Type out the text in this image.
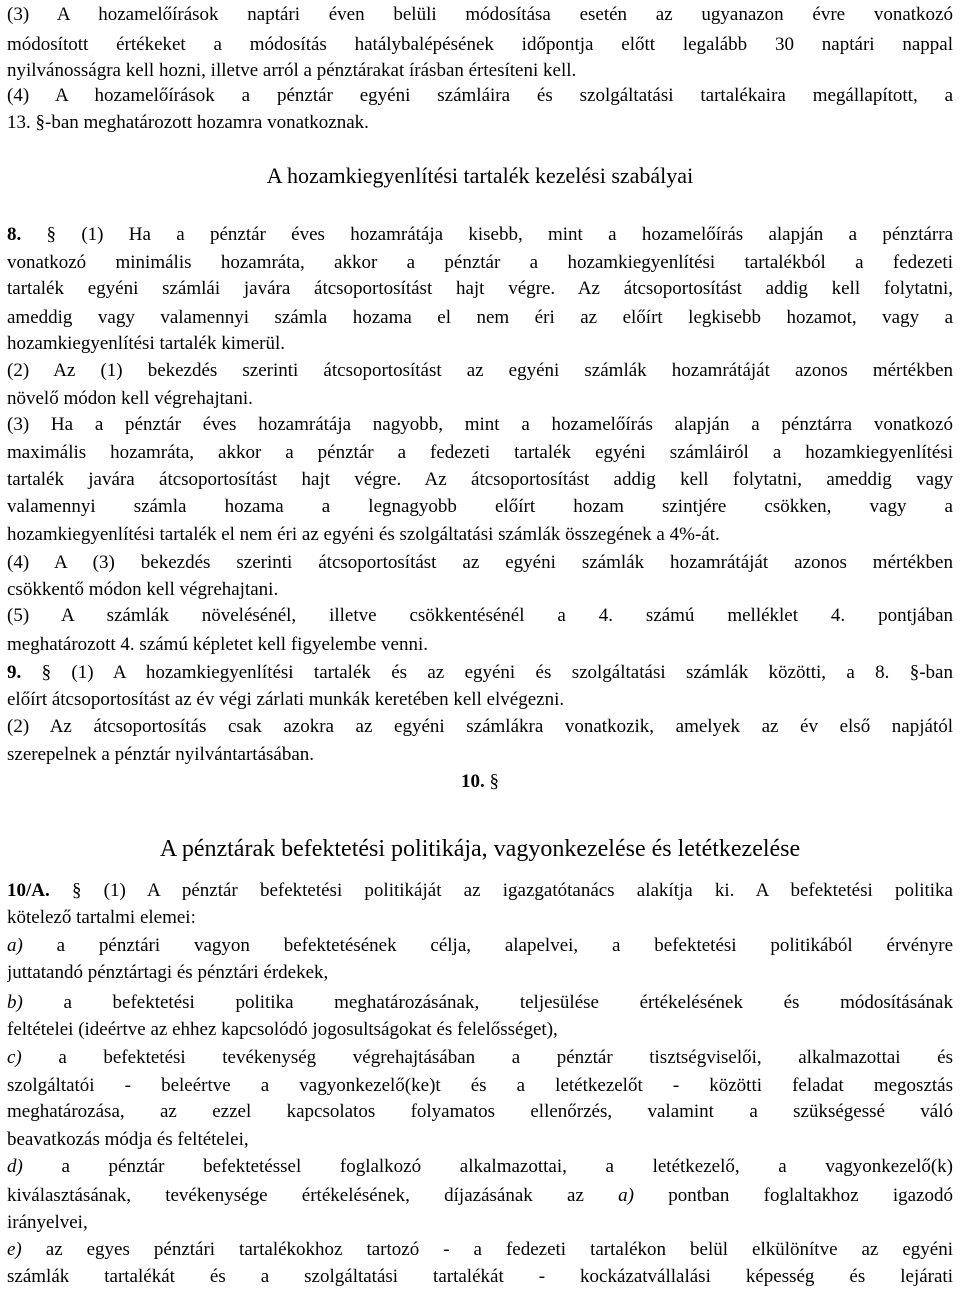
(3) A hozamelőírások naptári éven belüli módosítása esetén az ugyanazon évre vonatkozó
módosított értékeket a módosítás hatálybalépésének időpontja előtt legalább 30 naptári nappal
nyilvánosságra kell hozni, illetve arról a pénztárakat írásban értesíteni kell.
(4) A hozamelőírások a pénztár egyéni számláira és szolgáltatási tartalékaira megállapított, a
13. §-ban meghatározott hozamra vonatkoznak.
A hozamkiegyenlítési tartalék kezelési szabályai
8. § (1) Ha a pénztár éves hozamrátája kisebb, mint a hozamelőírás alapján a pénztárra
vonatkozó minimális hozamráta, akkor a pénztár a hozamkiegyenlítési tartalékból a fedezeti
tartalék egyéni számlái javára átcsoportosítást hajt végre. Az átcsoportosítást addig kell folytatni,
ameddig vagy valamennyi számla hozama el nem éri az előírt legkisebb hozamot, vagy a
hozamkiegyenlítési tartalék kimerül.
(2) Az (1) bekezdés szerinti átcsoportosítást az egyéni számlák hozamrátáját azonos mértékben
növelő módon kell végrehajtani.
(3) Ha a pénztár éves hozamrátája nagyobb, mint a hozamelőírás alapján a pénztárra vonatkozó
maximális hozamráta, akkor a pénztár a fedezeti tartalék egyéni számláiról a hozamkiegyenlítési
tartalék javára átcsoportosítást hajt végre. Az átcsoportosítást addig kell folytatni, ameddig vagy
valamennyi számla hozama a legnagyobb előírt hozam szintjére csökken, vagy a
hozamkiegyenlítési tartalék el nem éri az egyéni és szolgáltatási számlák összegének a 4%-át.
(4) A (3) bekezdés szerinti átcsoportosítást az egyéni számlák hozamrátáját azonos mértékben
csökkentő módon kell végrehajtani.
(5) A számlák növelésénél, illetve csökkentésénél a 4. számú melléklet 4. pontjában
meghatározott 4. számú képletet kell figyelembe venni.
9. § (1) A hozamkiegyenlítési tartalék és az egyéni és szolgáltatási számlák közötti, a 8. §-ban
előírt átcsoportosítást az év végi zárlati munkák keretében kell elvégezni.
(2) Az átcsoportosítás csak azokra az egyéni számlákra vonatkozik, amelyek az év első napjától
szerepelnek a pénztár nyilvántartásában.
10. §
A pénztárak befektetési politikája, vagyonkezelése és letétkezelése
10/A. § (1) A pénztár befektetési politikáját az igazgatótanács alakítja ki. A befektetési politika
kötelező tartalmi elemei:
a) a pénztári vagyon befektetésének célja, alapelvei, a befektetési politikából érvényre
juttatandó pénztártagi és pénztári érdekek,
b) a befektetési politika meghatározásának, teljesülése értékelésének és módosításának
feltételei (ideértve az ehhez kapcsolódó jogosultságokat és felelősséget),
c) a befektetési tevékenység végrehajtásában a pénztár tisztségviselői, alkalmazottai és
szolgáltatói - beleértve a vagyonkezelő(ke)t és a letétkezelőt - közötti feladat megosztás
meghatározása, az ezzel kapcsolatos folyamatos ellenőrzés, valamint a szükségessé váló
beavatkozás módja és feltételei,
d) a pénztár befektetéssel foglalkozó alkalmazottai, a letétkezelő, a vagyonkezelő(k)
kiválasztásának, tevékenysége értékelésének, díjazásának az a) pontban foglaltakhoz igazodó
irányelvei,
e) az egyes pénztári tartalékokhoz tartozó - a fedezeti tartalékon belül elkülönítve az egyéni
számlák tartalékát és a szolgáltatási tartalékát - kockázatvállalási képesség és lejárati
